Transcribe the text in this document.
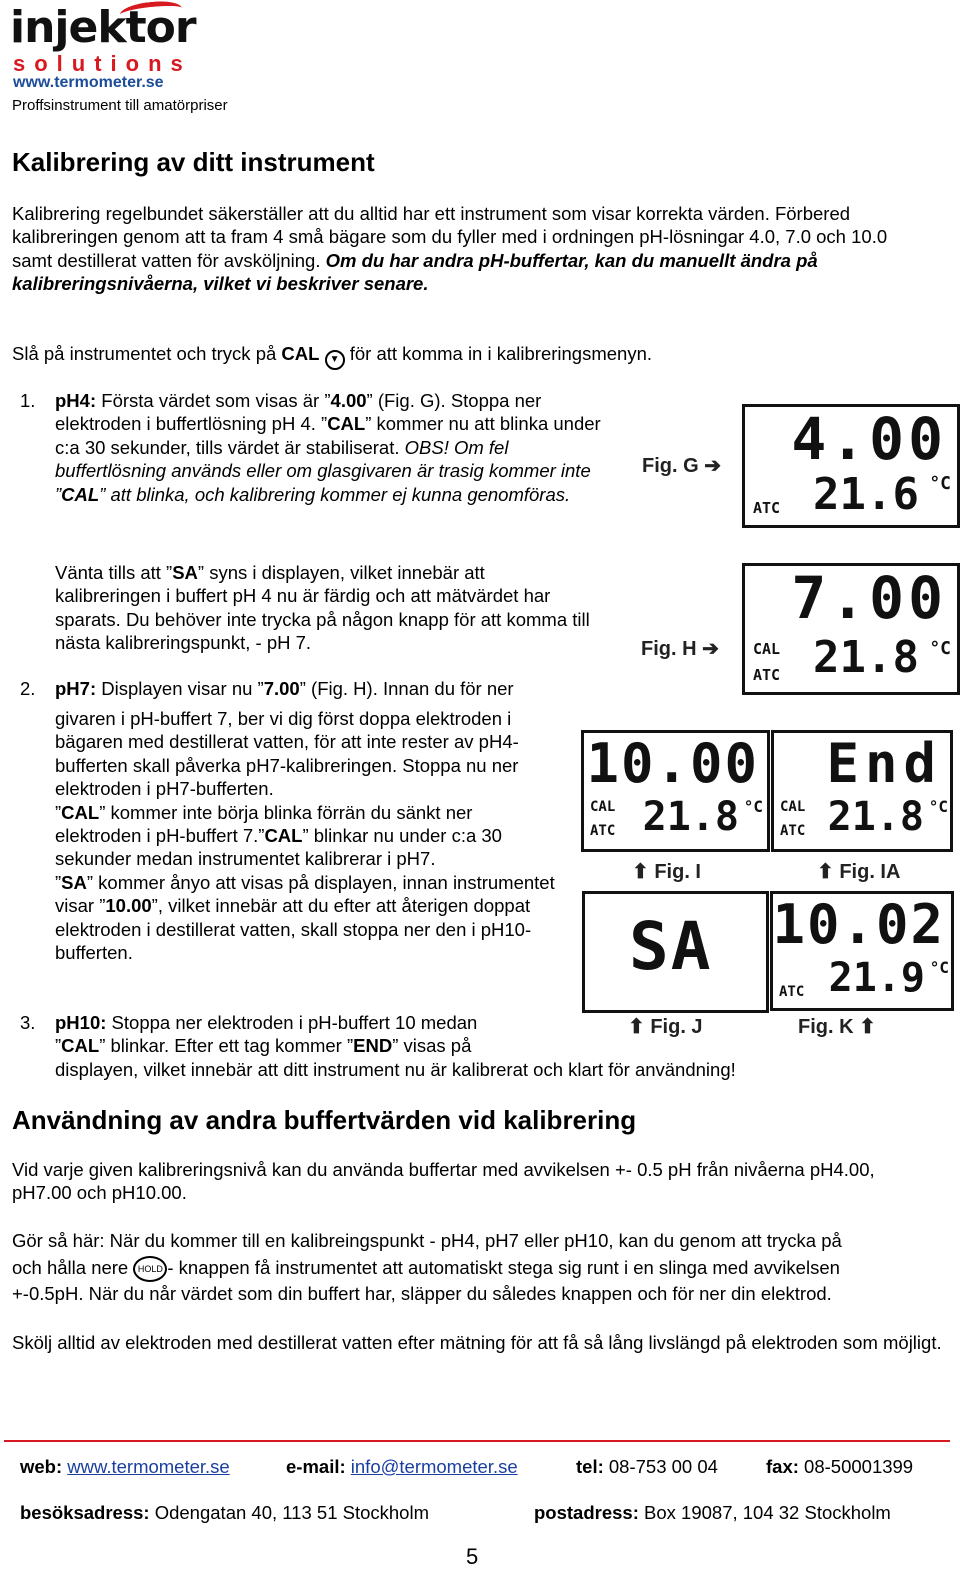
injektor
solutions
www.termometer.se
Proffsinstrument till amatörpriser
Kalibrering av ditt instrument
Kalibrering regelbundet säkerställer att du alltid har ett instrument som visar korrekta värden. Förbered kalibreringen genom att ta fram 4 små bägare som du fyller med i ordningen pH-lösningar 4.0, 7.0 och 10.0 samt destillerat vatten för avsköljning. Om du har andra pH-buffertar, kan du manuellt ändra på kalibreringsnivåerna, vilket vi beskriver senare.
Slå på instrumentet och tryck på CAL ▼ för att komma in i kalibreringsmenyn.
1. pH4: Första värdet som visas är ”4.00” (Fig. G). Stoppa ner elektroden i buffertlösning pH 4. ”CAL” kommer nu att blinka under c:a 30 sekunder, tills värdet är stabiliserat. OBS! Om fel buffertlösning används eller om glasgivaren är trasig kommer inte ”CAL” att blinka, och kalibrering kommer ej kunna genomföras.
Vänta tills att ”SA” syns i displayen, vilket innebär att kalibreringen i buffert pH 4 nu är färdig och att mätvärdet har sparats. Du behöver inte trycka på någon knapp för att komma till nästa kalibreringspunkt, - pH 7.
2. pH7: Displayen visar nu ”7.00” (Fig. H). Innan du för ner
givaren i pH-buffert 7, ber vi dig först doppa elektroden i bägaren med destillerat vatten, för att inte rester av pH4-bufferten skall påverka pH7-kalibreringen. Stoppa nu ner elektroden i pH7-bufferten.
”CAL” kommer inte börja blinka förrän du sänkt ner elektroden i pH-buffert 7.”CAL” blinkar nu under c:a 30 sekunder medan instrumentet kalibrerar i pH7.
”SA” kommer ånyo att visas på displayen, innan instrumentet visar ”10.00”, vilket innebär att du efter att återigen doppat elektroden i destillerat vatten, skall stoppa ner den i pH10-bufferten.
3. pH10: Stoppa ner elektroden i pH-buffert 10 medan
”CAL” blinkar. Efter ett tag kommer ”END” visas på
displayen, vilket innebär att ditt instrument nu är kalibrerat och klart för användning!
Fig. G ➔ 4.00
21.6 °C
ATC
Fig. H ➔
7.00
21.8 °C
CAL
ATC
10.00
21.8 °C
CAL
ATC
⬆ Fig. I
End
21.8 °C
CAL
ATC
⬆ Fig. IA
SA
⬆ Fig. J
10.02
21.9 °C
ATC
Fig. K ⬆
Användning av andra buffertvärden vid kalibrering
Vid varje given kalibreringsnivå kan du använda buffertar med avvikelsen +- 0.5 pH från nivåerna pH4.00, pH7.00 och pH10.00.
Gör så här: När du kommer till en kalibreingspunkt - pH4, pH7 eller pH10, kan du genom att trycka på
och hålla nere HOLD - knappen få instrumentet att automatiskt stega sig runt i en slinga med avvikelsen
+-0.5pH. När du når värdet som din buffert har, släpper du således knappen och för ner din elektrod.
Skölj alltid av elektroden med destillerat vatten efter mätning för att få så lång livslängd på elektroden som möjligt.
web: www.termometer.se	e-mail: info@termometer.se	tel: 08-753 00 04	fax: 08-50001399
besöksadress: Odengatan 40, 113 51 Stockholm	postadress: Box 19087, 104 32 Stockholm
5
